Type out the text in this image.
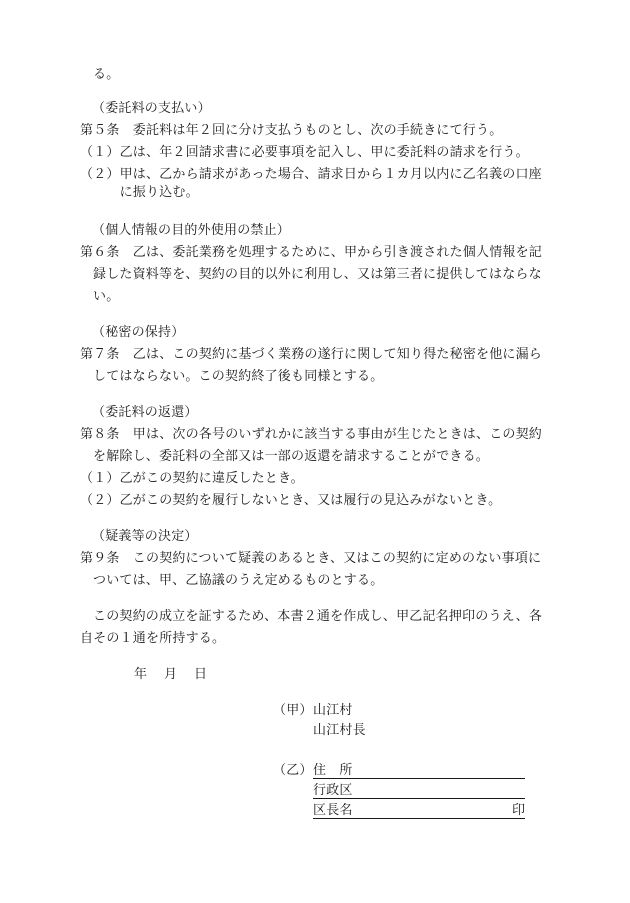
る。
（委託料の支払い）
第５条　委託料は年２回に分け支払うものとし、次の手続きにて行う。
（１）乙は、年２回請求書に必要事項を記入し、甲に委託料の請求を行う。
（２）甲は、乙から請求があった場合、請求日から１カ月以内に乙名義の口座
　　　に振り込む。
（個人情報の目的外使用の禁止）
第６条　乙は、委託業務を処理するために、甲から引き渡された個人情報を記
録した資料等を、契約の目的以外に利用し、又は第三者に提供してはならな
い。
（秘密の保持）
第７条　乙は、この契約に基づく業務の遂行に関して知り得た秘密を他に漏ら
してはならない。この契約終了後も同様とする。
（委託料の返還）
第８条　甲は、次の各号のいずれかに該当する事由が生じたときは、この契約
を解除し、委託料の全部又は一部の返還を請求することができる。
（１）乙がこの契約に違反したとき。
（２）乙がこの契約を履行しないとき、又は履行の見込みがないとき。
（疑義等の決定）
第９条　この契約について疑義のあるとき、又はこの契約に定めのない事項に
ついては、甲、乙協議のうえ定めるものとする。
この契約の成立を証するため、本書２通を作成し、甲乙記名押印のうえ、各
自その１通を所持する。
年　月　日
（甲） 山江村
山江村長
（乙） 住　所
行政区
区長名	印
